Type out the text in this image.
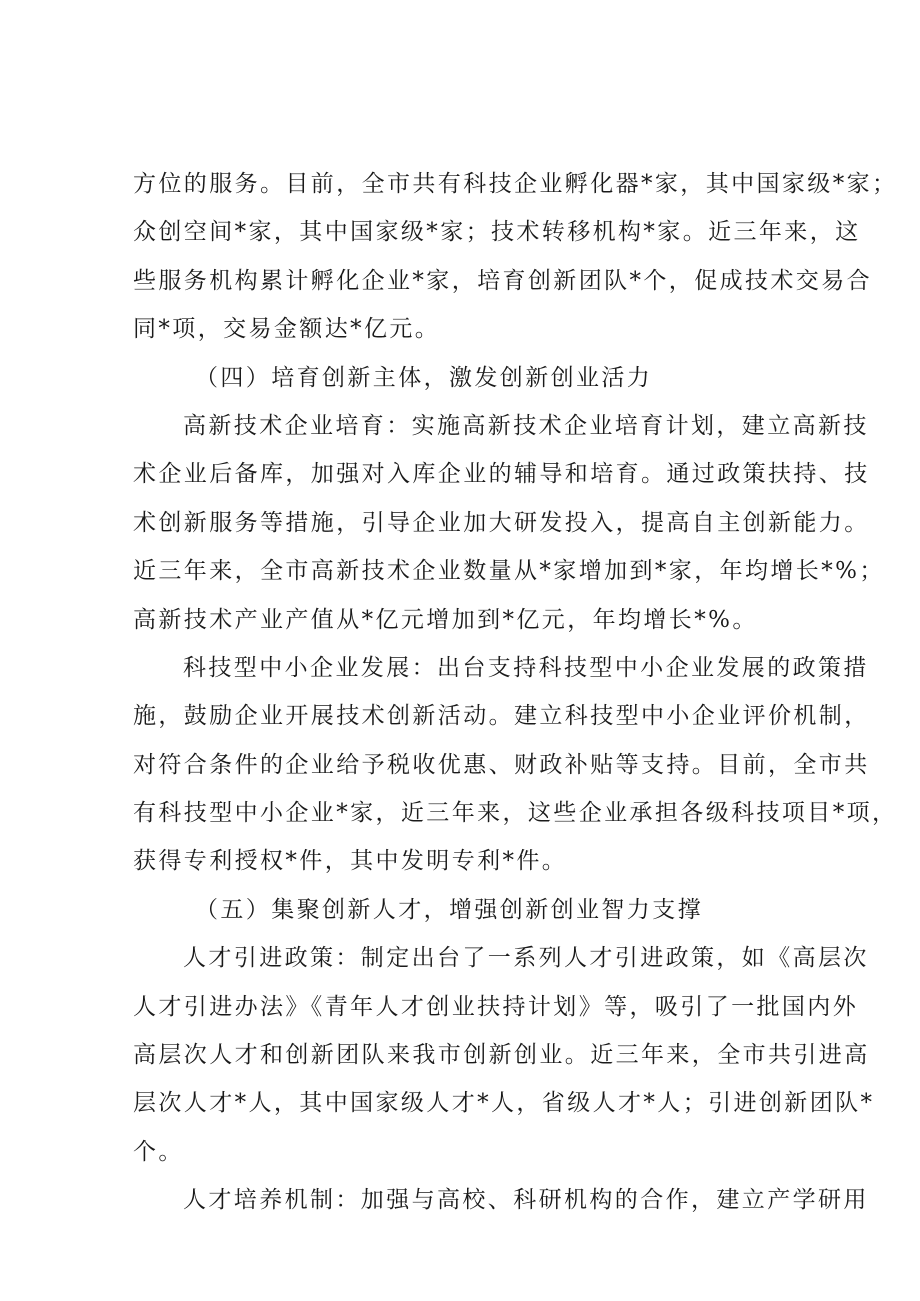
方位的服务。目前，全市共有科技企业孵化器*家，其中国家级*家；
众创空间*家，其中国家级*家；技术转移机构*家。近三年来，这
些服务机构累计孵化企业*家，培育创新团队*个，促成技术交易合
同*项，交易金额达*亿元。
（四）培育创新主体，激发创新创业活力
高新技术企业培育：实施高新技术企业培育计划，建立高新技
术企业后备库，加强对入库企业的辅导和培育。通过政策扶持、技
术创新服务等措施，引导企业加大研发投入，提高自主创新能力。
近三年来，全市高新技术企业数量从*家增加到*家，年均增长*%；
高新技术产业产值从*亿元增加到*亿元，年均增长*%。
科技型中小企业发展：出台支持科技型中小企业发展的政策措
施，鼓励企业开展技术创新活动。建立科技型中小企业评价机制，
对符合条件的企业给予税收优惠、财政补贴等支持。目前，全市共
有科技型中小企业*家，近三年来，这些企业承担各级科技项目*项，
获得专利授权*件，其中发明专利*件。
（五）集聚创新人才，增强创新创业智力支撑
人才引进政策：制定出台了一系列人才引进政策，如《高层次
人才引进办法》《青年人才创业扶持计划》等，吸引了一批国内外
高层次人才和创新团队来我市创新创业。近三年来，全市共引进高
层次人才*人，其中国家级人才*人，省级人才*人；引进创新团队*
个。
人才培养机制：加强与高校、科研机构的合作，建立产学研用
